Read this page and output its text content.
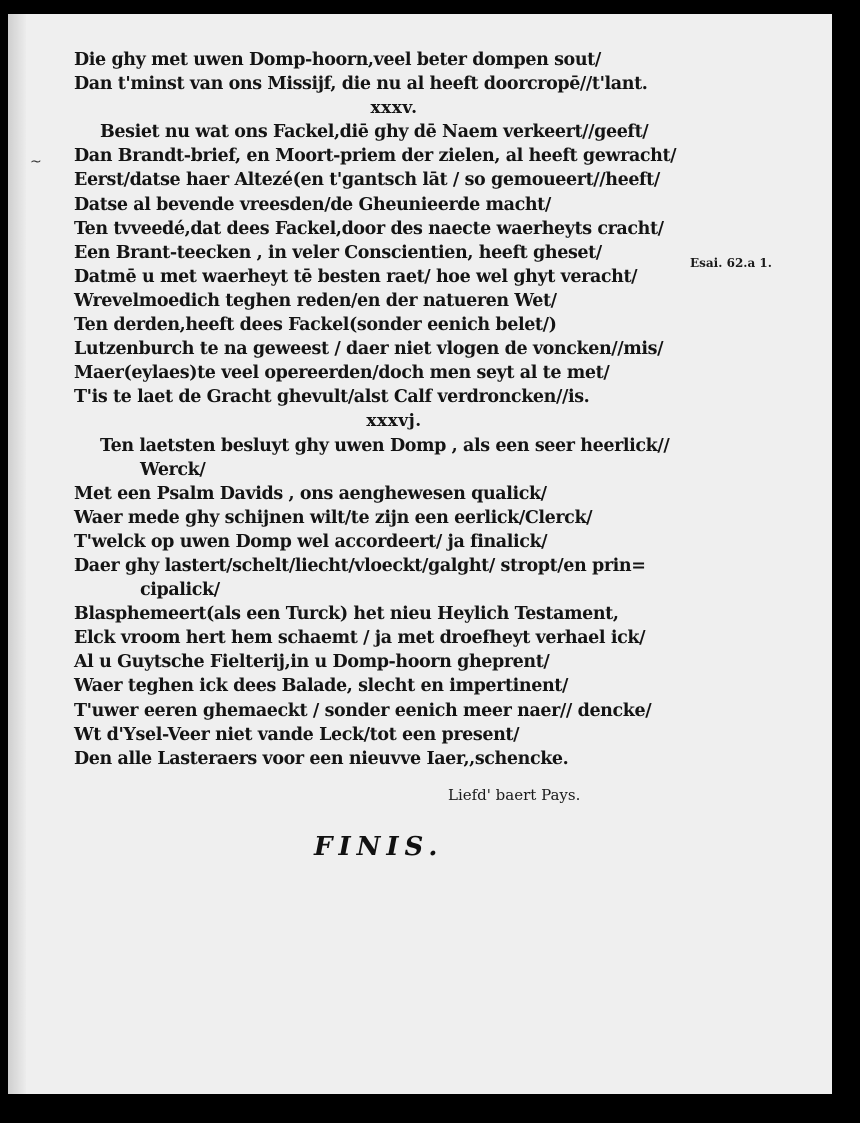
~
Esai. 62.a 1.
Die ghy met uwen Domp-hoorn,veel beter dompen sout/
Dan t'minst van ons Missijf, die nu al heeft doorcropē//t'lant.
xxxv.
Besiet nu wat ons Fackel,diē ghy dē Naem verkeert//geeft/
Dan Brandt-brief, en Moort-priem der zielen, al heeft gewracht/
Eerst/datse haer Altezé(en t'gantsch lāt / so gemoueert//heeft/
Datse al bevende vreesden/de Gheunieerde macht/
Ten tvveedé,dat dees Fackel,door des naecte waerheyts cracht/
Een Brant-teecken , in veler Conscientien, heeft gheset/
Datmē u met waerheyt tē besten raet/ hoe wel ghyt veracht/
Wrevelmoedich teghen reden/en der natueren Wet/
Ten derden,heeft dees Fackel(sonder eenich belet/)
Lutzenburch te na geweest / daer niet vlogen de voncken//mis/
Maer(eylaes)te veel opereerden/doch men seyt al te met/
T'is te laet de Gracht ghevult/alst Calf verdroncken//is.
xxxvj.
Ten laetsten besluyt ghy uwen Domp , als een seer heerlick//
Werck/
Met een Psalm Davids , ons aenghewesen qualick/
Waer mede ghy schijnen wilt/te zijn een eerlick/Clerck/
T'welck op uwen Domp wel accordeert/ ja finalick/
Daer ghy lastert/schelt/liecht/vloeckt/galght/ stropt/en prin=
cipalick/
Blasphemeert(als een Turck) het nieu Heylich Testament,
Elck vroom hert hem schaemt / ja met droefheyt verhael ick/
Al u Guytsche Fielterij,in u Domp-hoorn gheprent/
Waer teghen ick dees Balade, slecht en impertinent/
T'uwer eeren ghemaeckt / sonder eenich meer naer// dencke/
Wt d'Ysel-Veer niet vande Leck/tot een present/
Den alle Lasteraers voor een nieuvve Iaer,,schencke.
Liefd' baert Pays.
FINIS.
